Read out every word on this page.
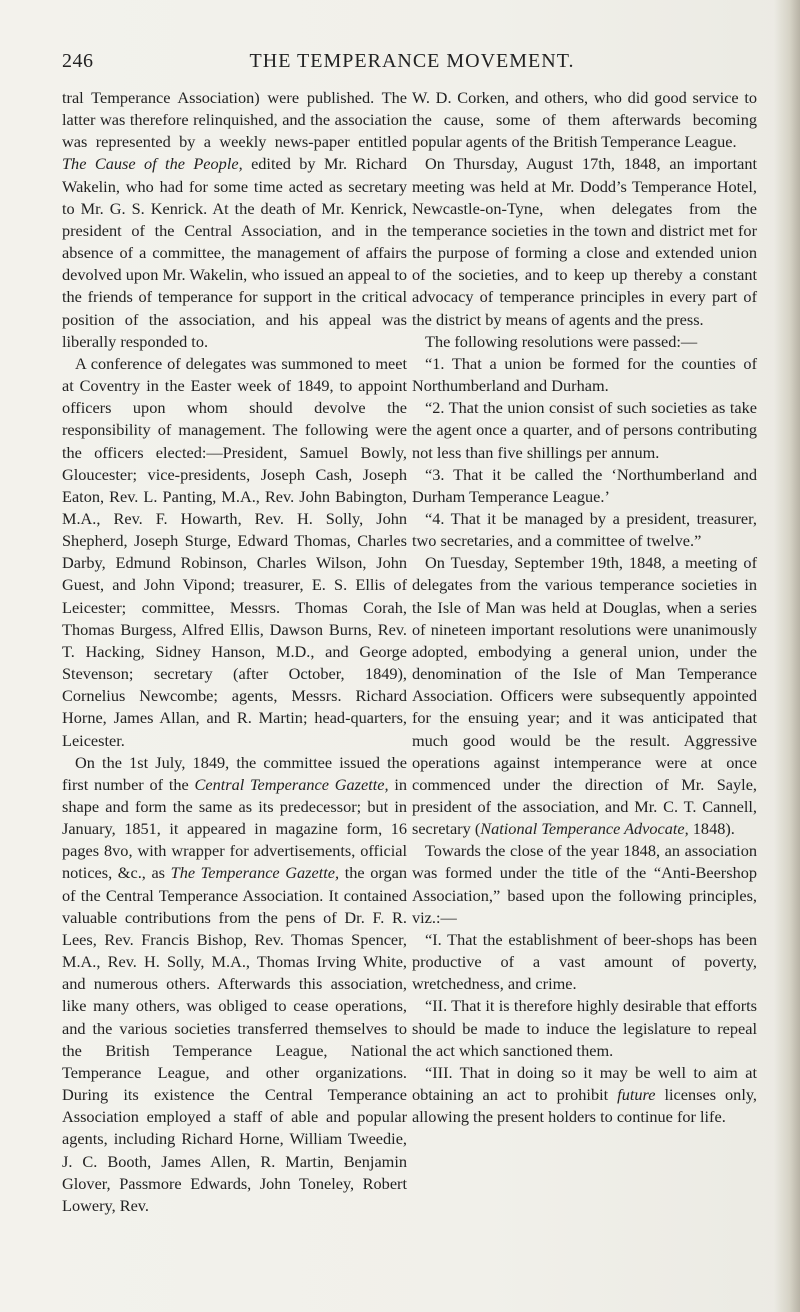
246	THE TEMPERANCE MOVEMENT.

tral Temperance Association) were published. The latter was therefore relinquished, and the association was represented by a weekly news-paper entitled The Cause of the People, edited by Mr. Richard Wakelin, who had for some time acted as secretary to Mr. G. S. Kenrick. At the death of Mr. Kenrick, president of the Central Association, and in the absence of a committee, the management of affairs devolved upon Mr. Wakelin, who issued an appeal to the friends of temperance for support in the critical position of the association, and his appeal was liberally responded to.

A conference of delegates was summoned to meet at Coventry in the Easter week of 1849, to appoint officers upon whom should devolve the responsibility of management. The following were the officers elected:—President, Samuel Bowly, Gloucester; vice-presidents, Joseph Cash, Joseph Eaton, Rev. L. Panting, M.A., Rev. John Babington, M.A., Rev. F. Howarth, Rev. H. Solly, John Shepherd, Joseph Sturge, Edward Thomas, Charles Darby, Edmund Robinson, Charles Wilson, John Guest, and John Vipond; treasurer, E. S. Ellis of Leicester; committee, Messrs. Thomas Corah, Thomas Burgess, Alfred Ellis, Dawson Burns, Rev. T. Hacking, Sidney Hanson, M.D., and George Stevenson; secretary (after October, 1849), Cornelius Newcombe; agents, Messrs. Richard Horne, James Allan, and R. Martin; head-quarters, Leicester.

On the 1st July, 1849, the committee issued the first number of the Central Temperance Gazette, in shape and form the same as its predecessor; but in January, 1851, it appeared in magazine form, 16 pages 8vo, with wrapper for advertisements, official notices, &c., as The Temperance Gazette, the organ of the Central Temperance Association. It contained valuable contributions from the pens of Dr. F. R. Lees, Rev. Francis Bishop, Rev. Thomas Spencer, M.A., Rev. H. Solly, M.A., Thomas Irving White, and numerous others. Afterwards this association, like many others, was obliged to cease operations, and the various societies transferred themselves to the British Temperance League, National Temperance League, and other organizations. During its existence the Central Temperance Association employed a staff of able and popular agents, including Richard Horne, William Tweedie, J. C. Booth, James Allen, R. Martin, Benjamin Glover, Passmore Edwards, John Toneley, Robert Lowery, Rev.

W. D. Corken, and others, who did good service to the cause, some of them afterwards becoming popular agents of the British Temperance League.

On Thursday, August 17th, 1848, an important meeting was held at Mr. Dodd’s Temperance Hotel, Newcastle-on-Tyne, when delegates from the temperance societies in the town and district met for the purpose of forming a close and extended union of the societies, and to keep up thereby a constant advocacy of temperance principles in every part of the district by means of agents and the press.

The following resolutions were passed:—

“1. That a union be formed for the counties of Northumberland and Durham.

“2. That the union consist of such societies as take the agent once a quarter, and of persons contributing not less than five shillings per annum.

“3. That it be called the ‘Northumberland and Durham Temperance League.’

“4. That it be managed by a president, treasurer, two secretaries, and a committee of twelve.”

On Tuesday, September 19th, 1848, a meeting of delegates from the various temperance societies in the Isle of Man was held at Douglas, when a series of nineteen important resolutions were unanimously adopted, embodying a general union, under the denomination of the Isle of Man Temperance Association. Officers were subsequently appointed for the ensuing year; and it was anticipated that much good would be the result. Aggressive operations against intemperance were at once commenced under the direction of Mr. Sayle, president of the association, and Mr. C. T. Cannell, secretary (National Temperance Advocate, 1848).

Towards the close of the year 1848, an association was formed under the title of the “Anti-Beershop Association,” based upon the following principles, viz.:—

“I. That the establishment of beer-shops has been productive of a vast amount of poverty, wretchedness, and crime.

“II. That it is therefore highly desirable that efforts should be made to induce the legislature to repeal the act which sanctioned them.

“III. That in doing so it may be well to aim at obtaining an act to prohibit future licenses only, allowing the present holders to continue for life.
